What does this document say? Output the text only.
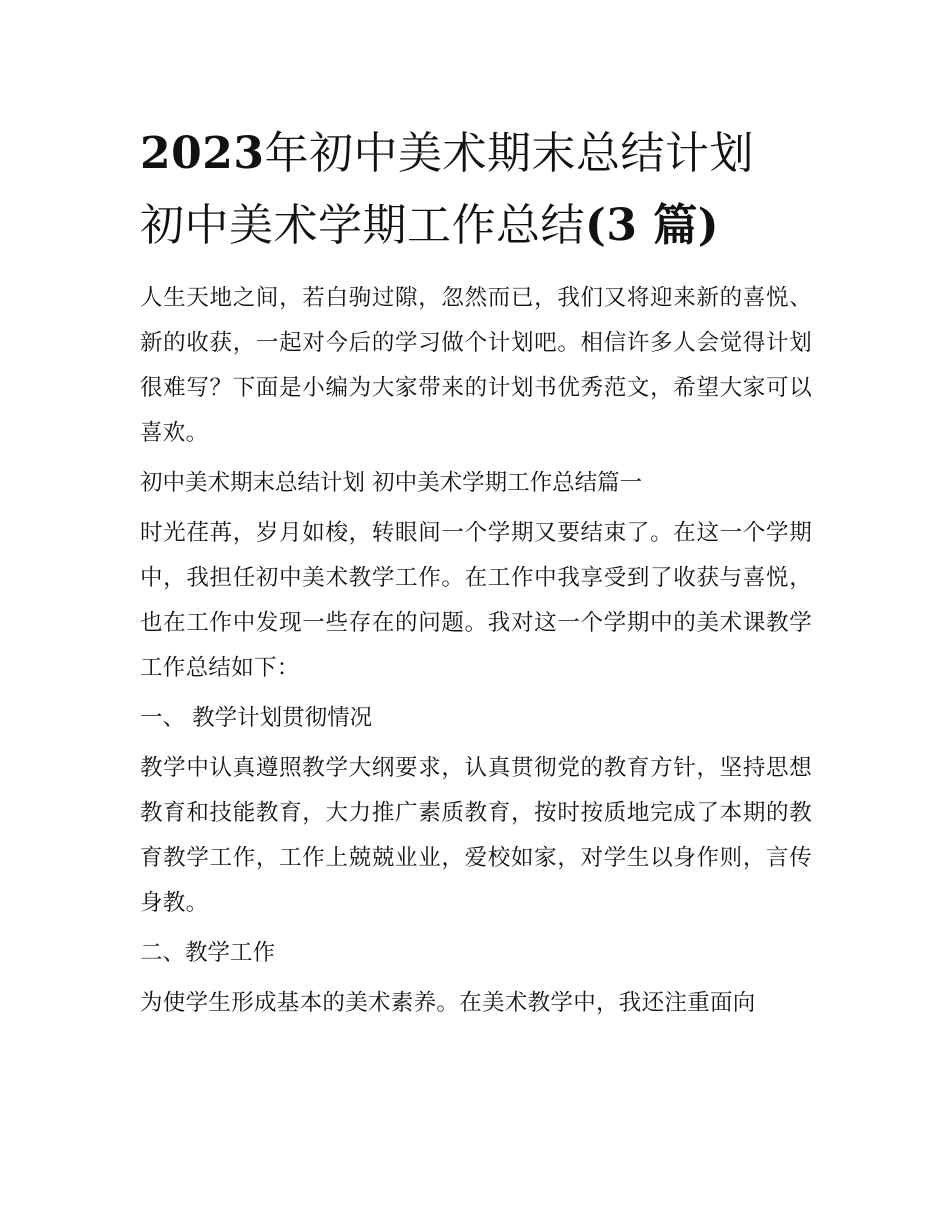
2023年初中美术期末总结计划
初中美术学期工作总结(3 篇)

人生天地之间，若白驹过隙，忽然而已，我们又将迎来新的喜悦、新的收获，一起对今后的学习做个计划吧。相信许多人会觉得计划很难写？下面是小编为大家带来的计划书优秀范文，希望大家可以喜欢。

初中美术期末总结计划 初中美术学期工作总结篇一

时光荏苒，岁月如梭，转眼间一个学期又要结束了。在这一个学期中，我担任初中美术教学工作。在工作中我享受到了收获与喜悦，也在工作中发现一些存在的问题。我对这一个学期中的美术课教学工作总结如下：

一、 教学计划贯彻情况

教学中认真遵照教学大纲要求，认真贯彻党的教育方针，坚持思想教育和技能教育，大力推广素质教育，按时按质地完成了本期的教育教学工作，工作上兢兢业业，爱校如家，对学生以身作则，言传身教。

二、教学工作

为使学生形成基本的美术素养。在美术教学中，我还注重面向
